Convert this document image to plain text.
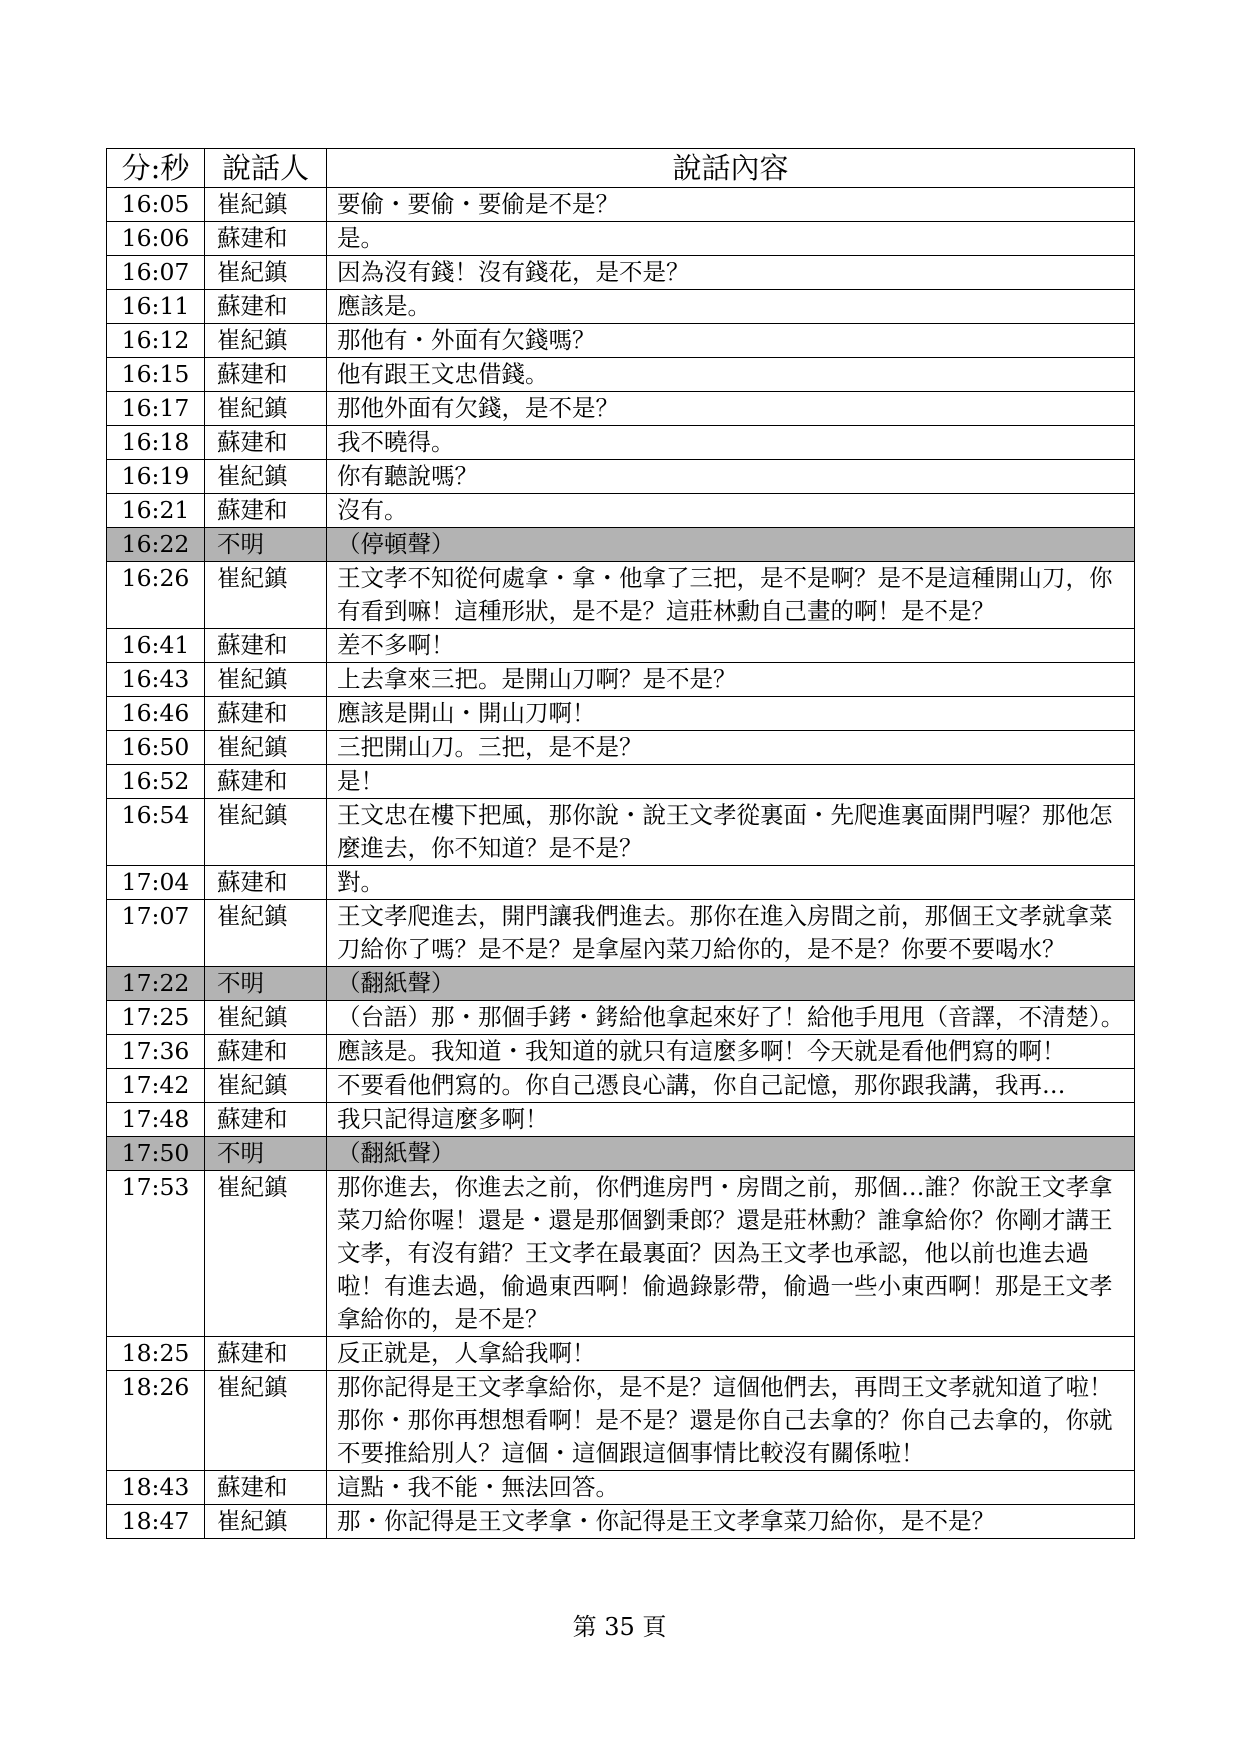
分:秒	說話人	說話內容
16:05	崔紀鎮	要偷・要偷・要偷是不是？
16:06	蘇建和	是。
16:07	崔紀鎮	因為沒有錢！沒有錢花，是不是？
16:11	蘇建和	應該是。
16:12	崔紀鎮	那他有・外面有欠錢嗎？
16:15	蘇建和	他有跟王文忠借錢。
16:17	崔紀鎮	那他外面有欠錢，是不是？
16:18	蘇建和	我不曉得。
16:19	崔紀鎮	你有聽說嗎？
16:21	蘇建和	沒有。
16:22	不明	（停頓聲）
16:26	崔紀鎮	王文孝不知從何處拿・拿・他拿了三把，是不是啊？是不是這種開山刀，你有看到嘛！這種形狀，是不是？這莊林勳自己畫的啊！是不是？
16:41	蘇建和	差不多啊！
16:43	崔紀鎮	上去拿來三把。是開山刀啊？是不是？
16:46	蘇建和	應該是開山・開山刀啊！
16:50	崔紀鎮	三把開山刀。三把，是不是？
16:52	蘇建和	是！
16:54	崔紀鎮	王文忠在樓下把風，那你說・說王文孝從裏面・先爬進裏面開門喔？那他怎麼進去，你不知道？是不是？
17:04	蘇建和	對。
17:07	崔紀鎮	王文孝爬進去，開門讓我們進去。那你在進入房間之前，那個王文孝就拿菜刀給你了嗎？是不是？是拿屋內菜刀給你的，是不是？你要不要喝水？
17:22	不明	（翻紙聲）
17:25	崔紀鎮	（台語）那・那個手銬・銬給他拿起來好了！給他手甩甩（音譯，不清楚）。
17:36	蘇建和	應該是。我知道・我知道的就只有這麼多啊！今天就是看他們寫的啊！
17:42	崔紀鎮	不要看他們寫的。你自己憑良心講，你自己記憶，那你跟我講，我再…
17:48	蘇建和	我只記得這麼多啊！
17:50	不明	（翻紙聲）
17:53	崔紀鎮	那你進去，你進去之前，你們進房門・房間之前，那個…誰？你說王文孝拿菜刀給你喔！還是・還是那個劉秉郎？還是莊林勳？誰拿給你？你剛才講王文孝，有沒有錯？王文孝在最裏面？因為王文孝也承認，他以前也進去過啦！有進去過，偷過東西啊！偷過錄影帶，偷過一些小東西啊！那是王文孝拿給你的，是不是？
18:25	蘇建和	反正就是，人拿給我啊！
18:26	崔紀鎮	那你記得是王文孝拿給你，是不是？這個他們去，再問王文孝就知道了啦！那你・那你再想想看啊！是不是？還是你自己去拿的？你自己去拿的，你就不要推給別人？這個・這個跟這個事情比較沒有關係啦！
18:43	蘇建和	這點・我不能・無法回答。
18:47	崔紀鎮	那・你記得是王文孝拿・你記得是王文孝拿菜刀給你，是不是？
第 35 頁
